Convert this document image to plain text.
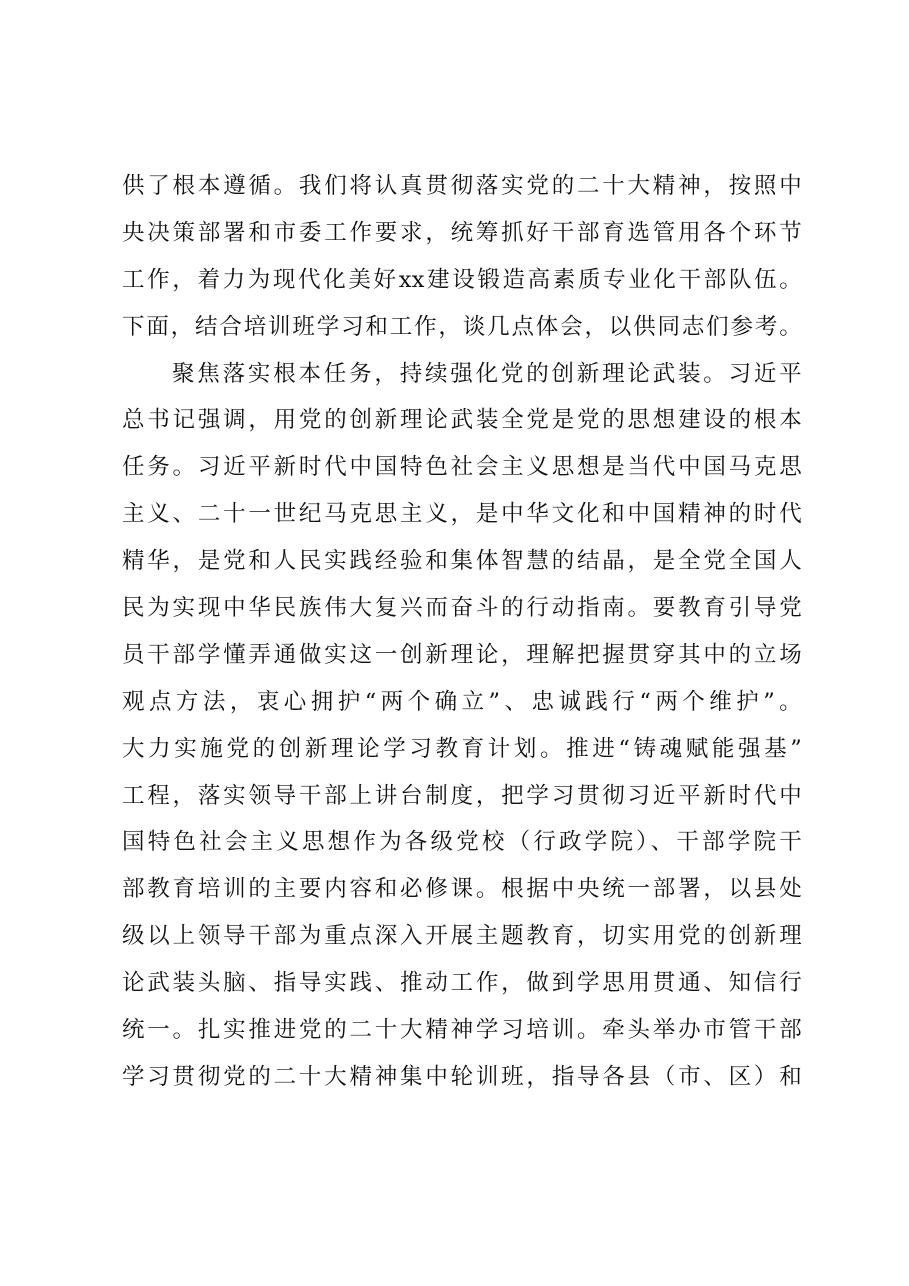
供了根本遵循。我们将认真贯彻落实党的二十大精神，按照中
央决策部署和市委工作要求，统筹抓好干部育选管用各个环节
工作，着力为现代化美好xx建设锻造高素质专业化干部队伍。
下面，结合培训班学习和工作，谈几点体会，以供同志们参考。
聚焦落实根本任务，持续强化党的创新理论武装。习近平
总书记强调，用党的创新理论武装全党是党的思想建设的根本
任务。习近平新时代中国特色社会主义思想是当代中国马克思
主义、二十一世纪马克思主义，是中华文化和中国精神的时代
精华，是党和人民实践经验和集体智慧的结晶，是全党全国人
民为实现中华民族伟大复兴而奋斗的行动指南。要教育引导党
员干部学懂弄通做实这一创新理论，理解把握贯穿其中的立场
观点方法，衷心拥护“两个确立”、忠诚践行“两个维护”。
大力实施党的创新理论学习教育计划。推进“铸魂赋能强基”
工程，落实领导干部上讲台制度，把学习贯彻习近平新时代中
国特色社会主义思想作为各级党校（行政学院）、干部学院干
部教育培训的主要内容和必修课。根据中央统一部署，以县处
级以上领导干部为重点深入开展主题教育，切实用党的创新理
论武装头脑、指导实践、推动工作，做到学思用贯通、知信行
统一。扎实推进党的二十大精神学习培训。牵头举办市管干部
学习贯彻党的二十大精神集中轮训班，指导各县（市、区）和
